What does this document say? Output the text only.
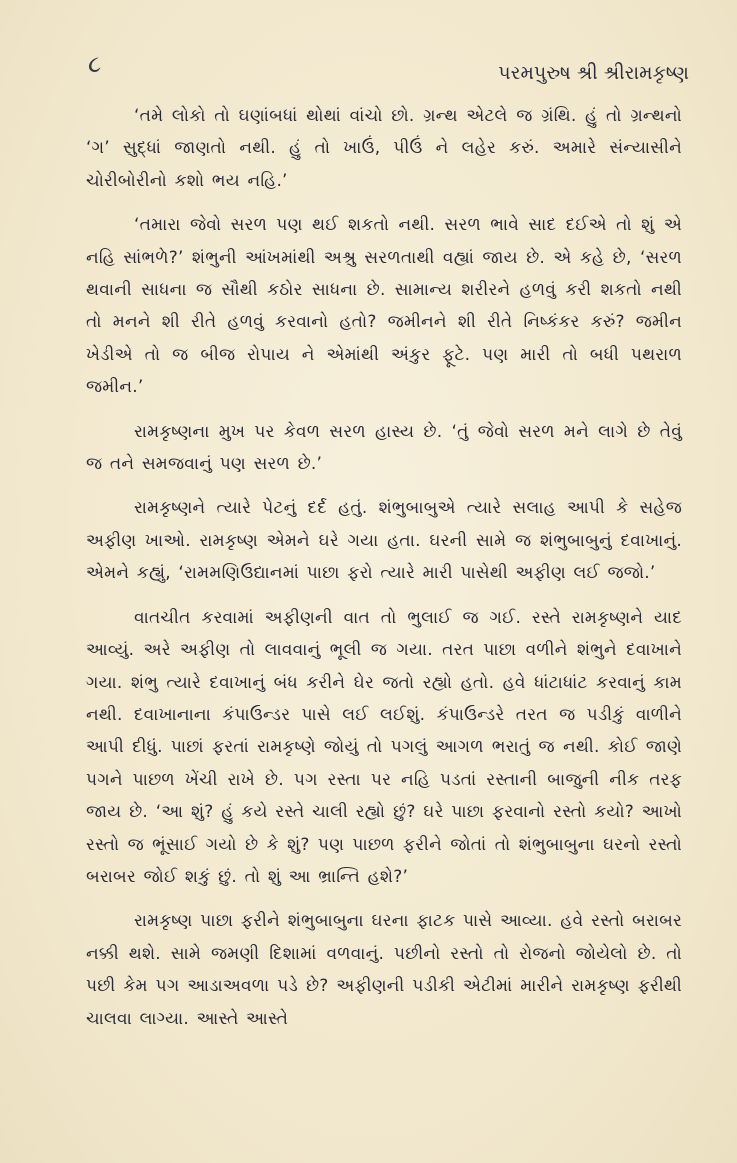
૮	પરમપુરુષ શ્રી શ્રીરામકૃષ્ણ

‘તમે લોકો તો ઘણાંબધાં થોથાં વાંચો છો. ગ્રન્થ એટલે જ ગ્રંથિ. હું તો ગ્રન્થનો ‘ગ’ સુદ્ધાં જાણતો નથી. હું તો ખાઉં, પીઉં ને લહેર કરું. અમારે સંન્યાસીને ચોરીબોરીનો કશો ભય નહિ.’

‘તમારા જેવો સરળ પણ થઈ શકતો નથી. સરળ ભાવે સાદ દઈએ તો શું એ નહિ સાંભળે?’ શંભુની આંખમાંથી અશ્રુ સરળતાથી વહ્યાં જાય છે. એ કહે છે, ‘સરળ થવાની સાધના જ સૌથી કઠોર સાધના છે. સામાન્ય શરીરને હળવું કરી શકતો નથી તો મનને શી રીતે હળવું કરવાનો હતો? જમીનને શી રીતે નિષ્કંકર કરું? જમીન ખેડીએ તો જ બીજ રોપાય ને એમાંથી અંકુર ફૂટે. પણ મારી તો બધી પથરાળ જમીન.’

રામકૃષ્ણના મુખ પર કેવળ સરળ હાસ્ય છે. ‘તું જેવો સરળ મને લાગે છે તેવું જ તને સમજવાનું પણ સરળ છે.’

રામકૃષ્ણને ત્યારે પેટનું દર્દ હતું. શંભુબાબુએ ત્યારે સલાહ આપી કે સહેજ અફીણ ખાઓ. રામકૃષ્ણ એમને ઘરે ગયા હતા. ઘરની સામે જ શંભુબાબુનું દવાખાનું. એમને કહ્યું, ‘રામમણિઉદ્યાનમાં પાછા ફરો ત્યારે મારી પાસેથી અફીણ લઈ જજો.’

વાતચીત કરવામાં અફીણની વાત તો ભુલાઈ જ ગઈ. રસ્તે રામકૃષ્ણને યાદ આવ્યું. અરે અફીણ તો લાવવાનું ભૂલી જ ગયા. તરત પાછા વળીને શંભુને દવાખાને ગયા. શંભુ ત્યારે દવાખાનું બંધ કરીને ઘેર જતો રહ્યો હતો. હવે ધાંટાધાંટ કરવાનું કામ નથી. દવાખાનાના કંપાઉન્ડર પાસે લઈ લઈશું. કંપાઉન્ડરે તરત જ પડીકું વાળીને આપી દીધું. પાછાં ફરતાં રામકૃષ્ણે જોયું તો પગલું આગળ ભરાતું જ નથી. કોઈ જાણે પગને પાછળ ખેંચી રાખે છે. પગ રસ્તા પર નહિ પડતાં રસ્તાની બાજુની નીક તરફ જાય છે. ‘આ શું? હું કયે રસ્તે ચાલી રહ્યો છું? ઘરે પાછા ફરવાનો રસ્તો કયો? આખો રસ્તો જ ભૂંસાઈ ગયો છે કે શું? પણ પાછળ ફરીને જોતાં તો શંભુબાબુના ઘરનો રસ્તો બરાબર જોઈ શકું છું. તો શું આ ભ્રાન્તિ હશે?’

રામકૃષ્ણ પાછા ફરીને શંભુબાબુના ઘરના ફાટક પાસે આવ્યા. હવે રસ્તો બરાબર નક્કી થશે. સામે જમણી દિશામાં વળવાનું. પછીનો રસ્તો તો રોજનો જોયેલો છે. તો પછી કેમ પગ આડાઅવળા પડે છે? અફીણની પડીકી એટીમાં મારીને રામકૃષ્ણ ફરીથી ચાલવા લાગ્યા. આસ્તે આસ્તે
